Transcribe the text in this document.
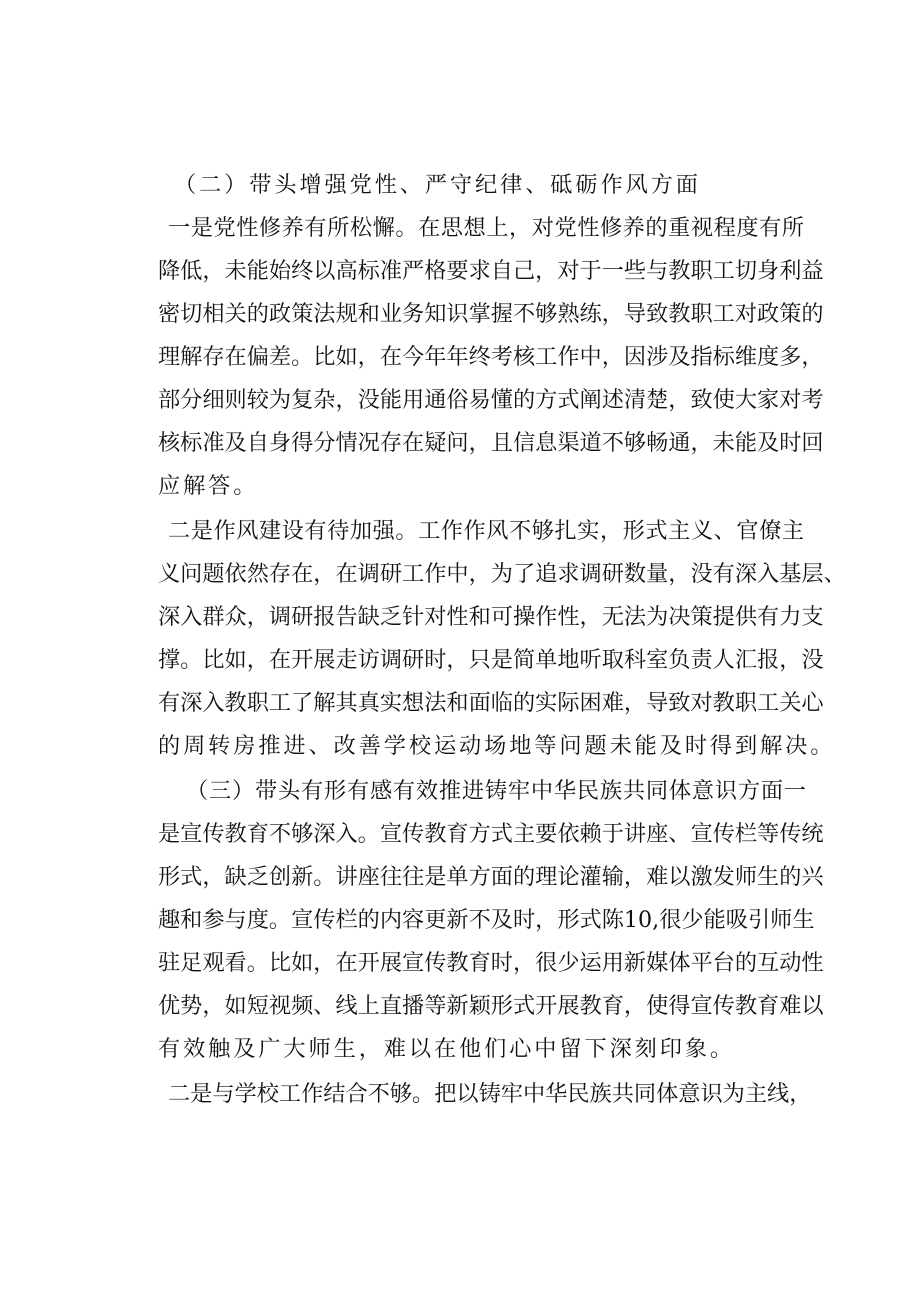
（二）带头增强党性、严守纪律、砥砺作风方面

一是党性修养有所松懈。在思想上，对党性修养的重视程度有所

降低，未能始终以高标准严格要求自己，对于一些与教职工切身利益

密切相关的政策法规和业务知识掌握不够熟练，导致教职工对政策的

理解存在偏差。比如，在今年年终考核工作中，因涉及指标维度多，

部分细则较为复杂，没能用通俗易懂的方式阐述清楚，致使大家对考

核标准及自身得分情况存在疑问，且信息渠道不够畅通，未能及时回

应解答。

二是作风建设有待加强。工作作风不够扎实，形式主义、官僚主

义问题依然存在，在调研工作中，为了追求调研数量，没有深入基层、

深入群众，调研报告缺乏针对性和可操作性，无法为决策提供有力支

撑。比如，在开展走访调研时，只是简单地听取科室负责人汇报，没

有深入教职工了解其真实想法和面临的实际困难，导致对教职工关心

的周转房推进、改善学校运动场地等问题未能及时得到解决。

（三）带头有形有感有效推进铸牢中华民族共同体意识方面一

是宣传教育不够深入。宣传教育方式主要依赖于讲座、宣传栏等传统

形式，缺乏创新。讲座往往是单方面的理论灌输，难以激发师生的兴

趣和参与度。宣传栏的内容更新不及时，形式陈10,很少能吸引师生

驻足观看。比如，在开展宣传教育时，很少运用新媒体平台的互动性

优势，如短视频、线上直播等新颖形式开展教育，使得宣传教育难以

有效触及广大师生，难以在他们心中留下深刻印象。

二是与学校工作结合不够。把以铸牢中华民族共同体意识为主线，
